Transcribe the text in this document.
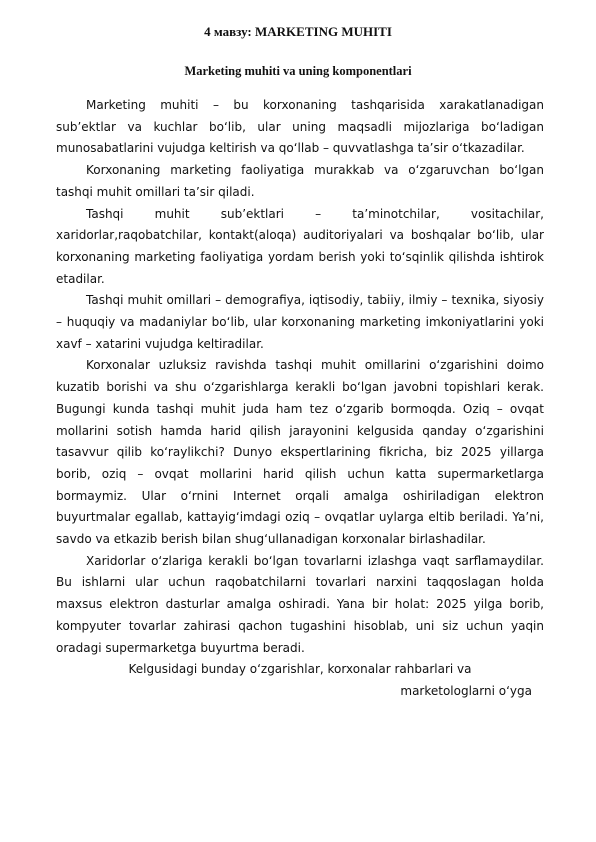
4 мавзу: MARKETING MUHITI
Marketing muhiti va uning komponentlari

Marketing muhiti – bu korxonaning tashqarisida xarakatlanadigan sub’ektlar va kuchlar bo‘lib, ular uning maqsadli mijozlariga bo‘ladigan munosabatlarini vujudga keltirish va qo‘llab – quvvatlashga ta’sir o‘tkazadilar.

Korxonaning marketing faoliyatiga murakkab va o‘zgaruvchan bo‘lgan tashqi muhit omillari ta’sir qiladi.

Tashqi muhit sub’ektlari – ta’minotchilar, vositachilar, xaridorlar,raqobatchilar, kontakt(aloqa) auditoriyalari va boshqalar bo‘lib, ular korxonaning marketing faoliyatiga yordam berish yoki to‘sqinlik qilishda ishtirok etadilar.

Tashqi muhit omillari – demografiya, iqtisodiy, tabiiy, ilmiy – texnika, siyosiy – huquqiy va madaniylar bo‘lib, ular korxonaning marketing imkoniyatlarini yoki xavf – xatarini vujudga keltiradilar.

Korxonalar uzluksiz ravishda tashqi muhit omillarini o‘zgarishini doimo kuzatib borishi va shu o‘zgarishlarga kerakli bo‘lgan javobni topishlari kerak. Bugungi kunda tashqi muhit juda ham tez o‘zgarib bormoqda. Oziq – ovqat mollarini sotish hamda harid qilish jarayonini kelgusida qanday o‘zgarishini tasavvur qilib ko‘raylikchi? Dunyo ekspertlarining fikricha, biz 2025 yillarga borib, oziq – ovqat mollarini harid qilish uchun katta supermarketlarga bormaymiz. Ular o‘rnini Internet orqali amalga oshiriladigan elektron buyurtmalar egallab, kattayig‘imdagi oziq – ovqatlar uylarga eltib beriladi. Ya’ni, savdo va etkazib berish bilan shug‘ullanadigan korxonalar birlashadilar.

Xaridorlar o‘zlariga kerakli bo‘lgan tovarlarni izlashga vaqt sarflamaydilar. Bu ishlarni ular uchun raqobatchilarni tovarlari narxini taqqoslagan holda maxsus elektron dasturlar amalga oshiradi. Yana bir holat: 2025 yilga borib, kompyuter tovarlar zahirasi qachon tugashini hisoblab, uni siz uchun yaqin oradagi supermarketga buyurtma beradi.

Kelgusidagi bunday o‘zgarishlar, korxonalar rahbarlari va

marketologlarni o‘yga
